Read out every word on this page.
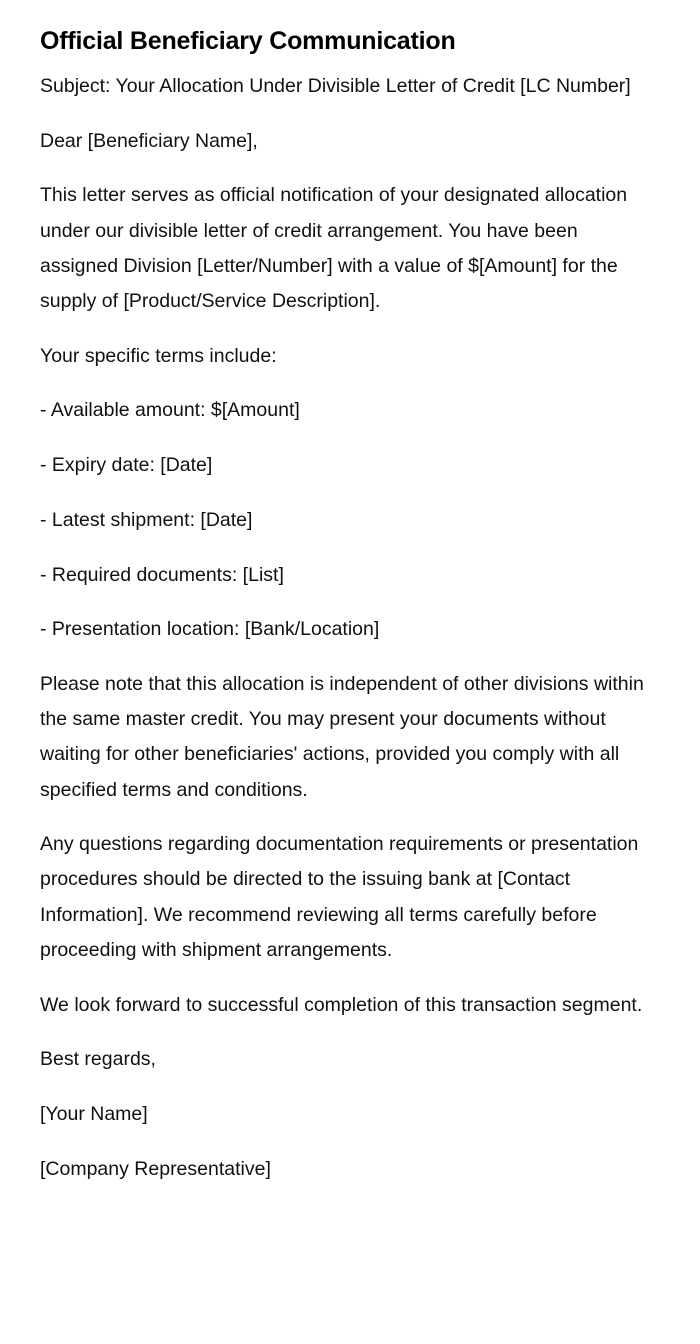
Official Beneficiary Communication

Subject: Your Allocation Under Divisible Letter of Credit [LC Number]

Dear [Beneficiary Name],

This letter serves as official notification of your designated allocation under our divisible letter of credit arrangement. You have been assigned Division [Letter/Number] with a value of $[Amount] for the supply of [Product/Service Description].

Your specific terms include:

- Available amount: $[Amount]

- Expiry date: [Date]

- Latest shipment: [Date]

- Required documents: [List]

- Presentation location: [Bank/Location]

Please note that this allocation is independent of other divisions within the same master credit. You may present your documents without waiting for other beneficiaries' actions, provided you comply with all specified terms and conditions.

Any questions regarding documentation requirements or presentation procedures should be directed to the issuing bank at [Contact Information]. We recommend reviewing all terms carefully before proceeding with shipment arrangements.

We look forward to successful completion of this transaction segment.

Best regards,

[Your Name]

[Company Representative]
